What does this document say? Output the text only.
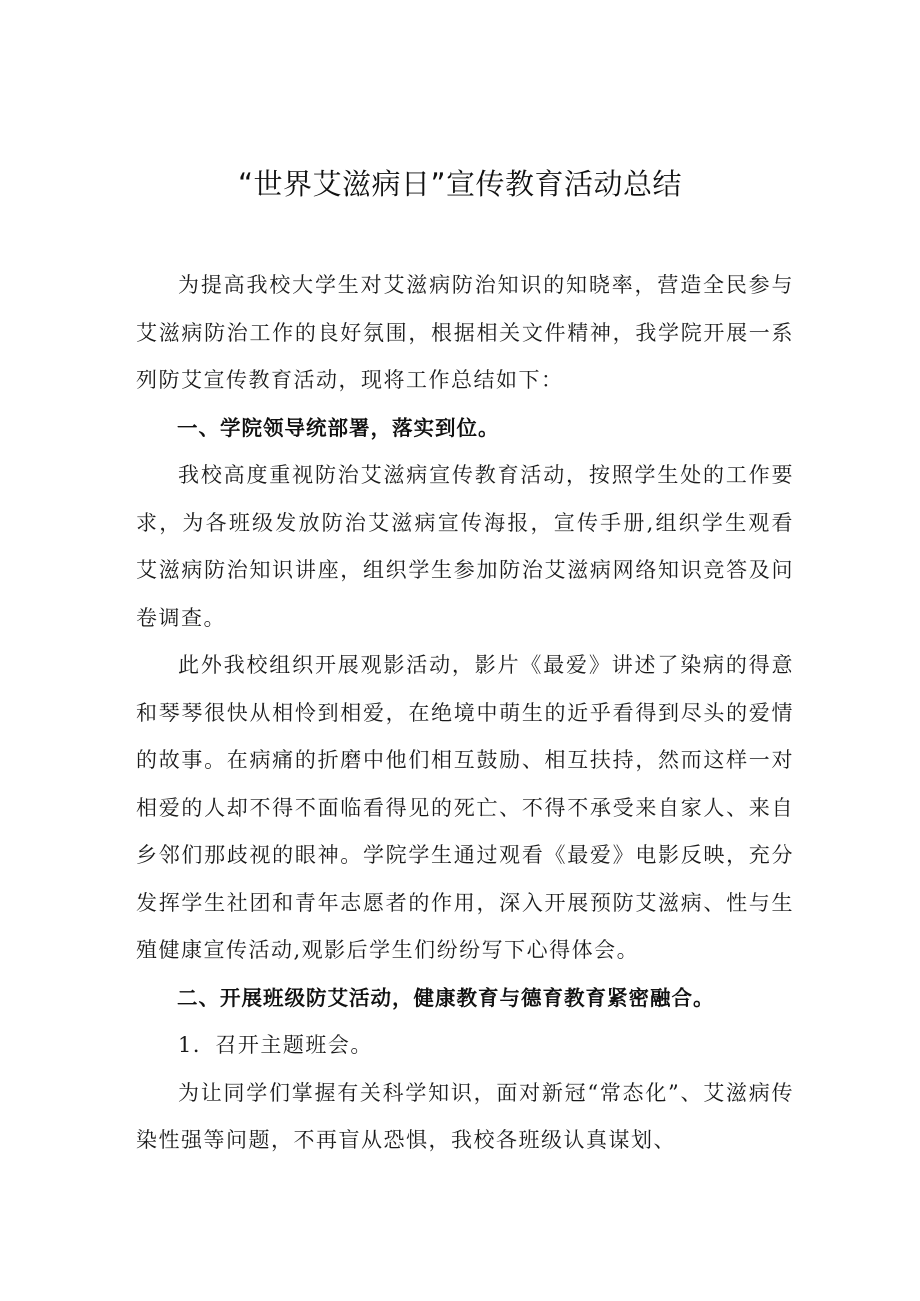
“世界艾滋病日”宣传教育活动总结

为提高我校大学生对艾滋病防治知识的知晓率，营造全民参与艾滋病防治工作的良好氛围，根据相关文件精神，我学院开展一系列防艾宣传教育活动，现将工作总结如下：

一、学院领导统部署，落实到位。

我校高度重视防治艾滋病宣传教育活动，按照学生处的工作要求，为各班级发放防治艾滋病宣传海报，宣传手册,组织学生观看艾滋病防治知识讲座，组织学生参加防治艾滋病网络知识竞答及问卷调查。

此外我校组织开展观影活动，影片《最爱》讲述了染病的得意和琴琴很快从相怜到相爱，在绝境中萌生的近乎看得到尽头的爱情的故事。在病痛的折磨中他们相互鼓励、相互扶持，然而这样一对相爱的人却不得不面临看得见的死亡、不得不承受来自家人、来自乡邻们那歧视的眼神。学院学生通过观看《最爱》电影反映，充分发挥学生社团和青年志愿者的作用，深入开展预防艾滋病、性与生殖健康宣传活动,观影后学生们纷纷写下心得体会。

二、开展班级防艾活动，健康教育与德育教育紧密融合。

1．召开主题班会。

为让同学们掌握有关科学知识，面对新冠“常态化”、艾滋病传染性强等问题，不再盲从恐惧，我校各班级认真谋划、
